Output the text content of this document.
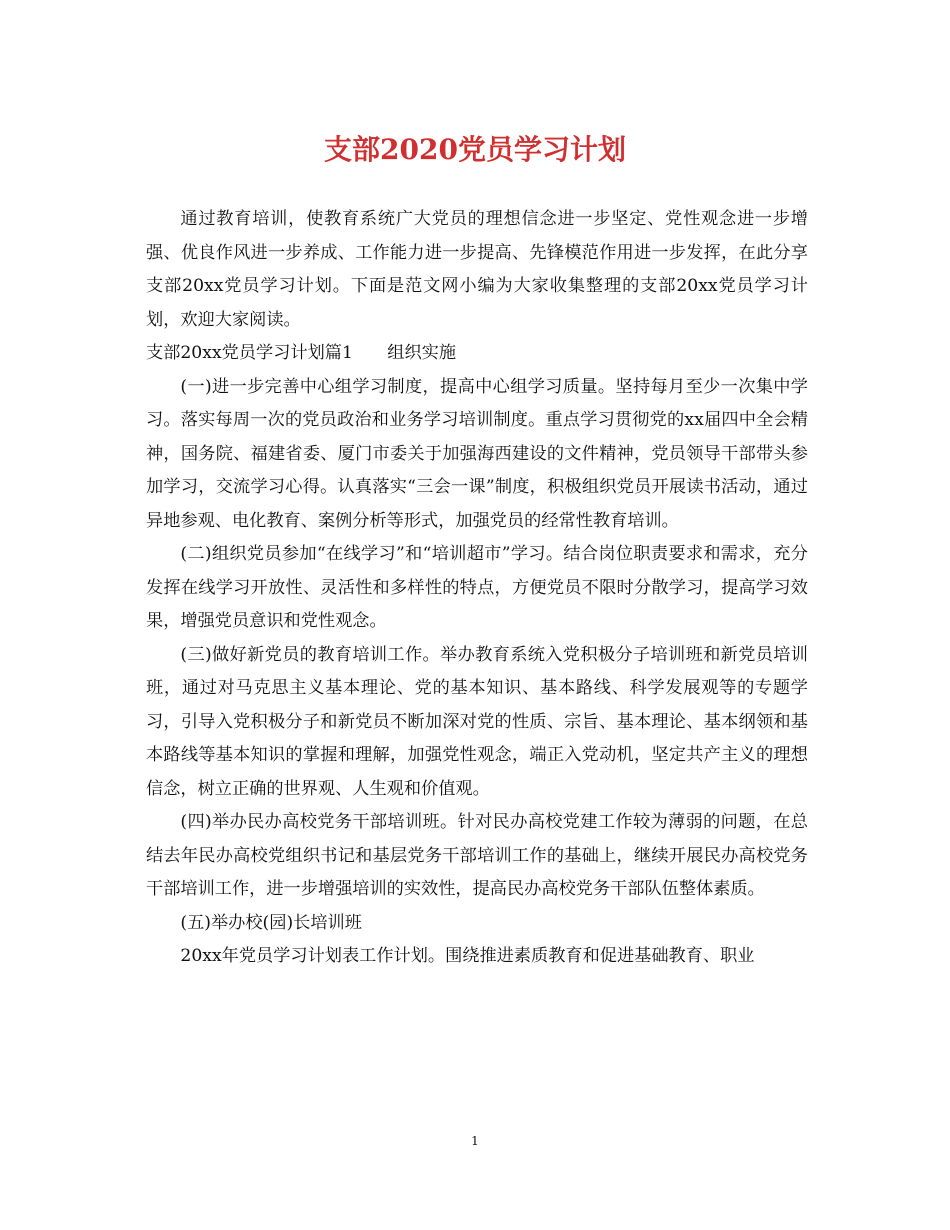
支部2020党员学习计划

通过教育培训，使教育系统广大党员的理想信念进一步坚定、党性观念进一步增强、优良作风进一步养成、工作能力进一步提高、先锋模范作用进一步发挥，在此分享支部20xx党员学习计划。下面是范文网小编为大家收集整理的支部20xx党员学习计划，欢迎大家阅读。

支部20xx党员学习计划篇1　　组织实施

(一)进一步完善中心组学习制度，提高中心组学习质量。坚持每月至少一次集中学习。落实每周一次的党员政治和业务学习培训制度。重点学习贯彻党的xx届四中全会精神，国务院、福建省委、厦门市委关于加强海西建设的文件精神，党员领导干部带头参加学习，交流学习心得。认真落实“三会一课”制度，积极组织党员开展读书活动，通过异地参观、电化教育、案例分析等形式，加强党员的经常性教育培训。

(二)组织党员参加“在线学习”和“培训超市”学习。结合岗位职责要求和需求，充分发挥在线学习开放性、灵活性和多样性的特点，方便党员不限时分散学习，提高学习效果，增强党员意识和党性观念。

(三)做好新党员的教育培训工作。举办教育系统入党积极分子培训班和新党员培训班，通过对马克思主义基本理论、党的基本知识、基本路线、科学发展观等的专题学习，引导入党积极分子和新党员不断加深对党的性质、宗旨、基本理论、基本纲领和基本路线等基本知识的掌握和理解，加强党性观念，端正入党动机，坚定共产主义的理想信念，树立正确的世界观、人生观和价值观。

(四)举办民办高校党务干部培训班。针对民办高校党建工作较为薄弱的问题，在总结去年民办高校党组织书记和基层党务干部培训工作的基础上，继续开展民办高校党务干部培训工作，进一步增强培训的实效性，提高民办高校党务干部队伍整体素质。

(五)举办校(园)长培训班

20xx年党员学习计划表工作计划。围绕推进素质教育和促进基础教育、职业

1
